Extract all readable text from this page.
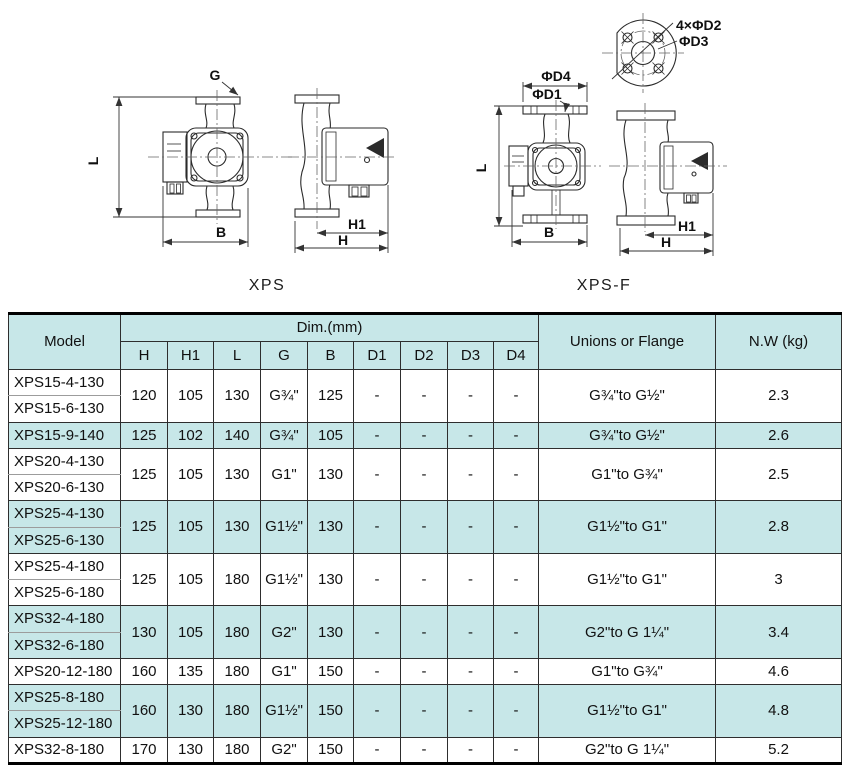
G
L
B	H1
H
XPS
4×ΦD2
ΦD3
ΦD4
ΦD1
L
B	H1
H
XPS-F
Model	Dim.(mm)									Unions or Flange	N.W (kg)
	H	H1	L	G	B	D1	D2	D3	D4		
XPS15-4-130	120	105	130	G¾"	125	-	-	-	-	G¾"to G½"	2.3
XPS15-6-130											
XPS15-9-140	125	102	140	G¾"	105	-	-	-	-	G¾"to G½"	2.6
XPS20-4-130	125	105	130	G1"	130	-	-	-	-	G1"to G¾"	2.5
XPS20-6-130											
XPS25-4-130	125	105	130	G1½"	130	-	-	-	-	G1½"to G1"	2.8
XPS25-6-130											
XPS25-4-180	125	105	180	G1½"	130	-	-	-	-	G1½"to G1"	3
XPS25-6-180											
XPS32-4-180	130	105	180	G2"	130	-	-	-	-	G2"to G 1¼"	3.4
XPS32-6-180											
XPS20-12-180	160	135	180	G1"	150	-	-	-	-	G1"to G¾"	4.6
XPS25-8-180	160	130	180	G1½"	150	-	-	-	-	G1½"to G1"	4.8
XPS25-12-180											
XPS32-8-180	170	130	180	G2"	150	-	-	-	-	G2"to G 1¼"	5.2
